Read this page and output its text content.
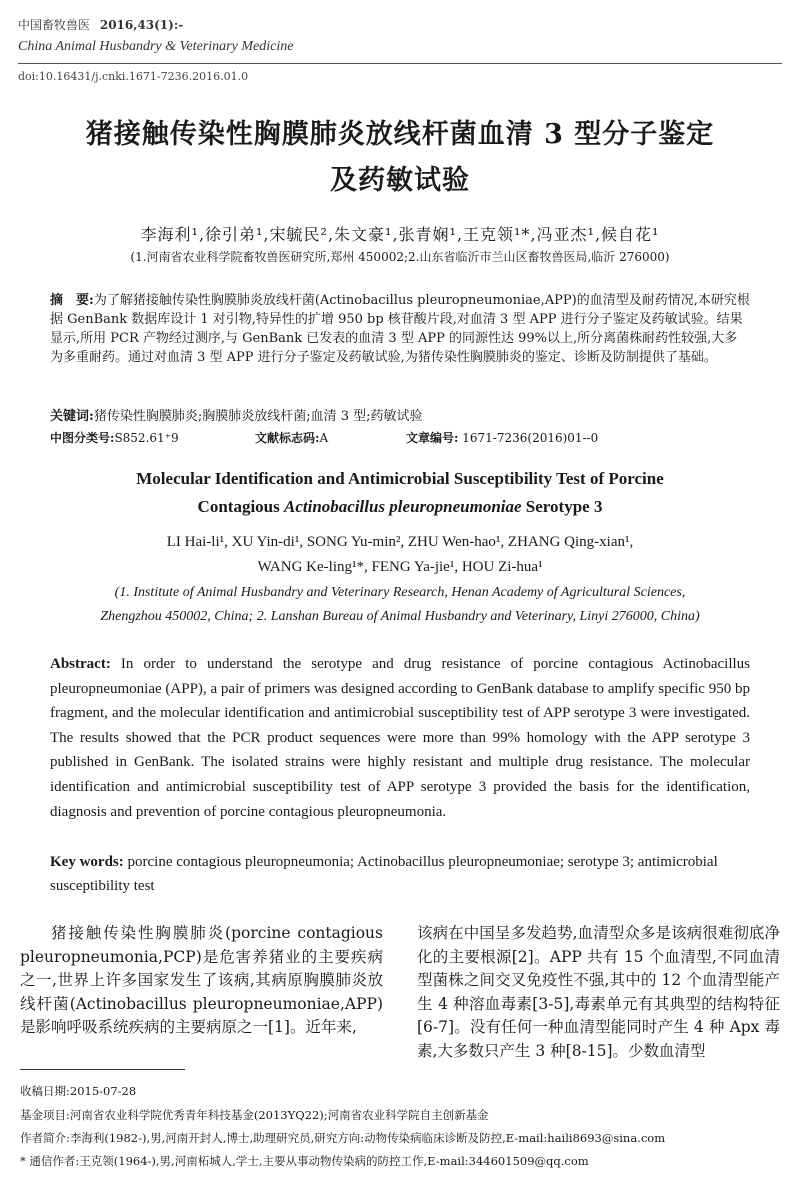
中国畜牧兽医 2016,43(1):-
China Animal Husbandry & Veterinary Medicine
doi:10.16431/j.cnki.1671-7236.2016.01.0
猪接触传染性胸膜肺炎放线杆菌血清 3 型分子鉴定
及药敏试验
李海利¹,徐引弟¹,宋毓民²,朱文豪¹,张青娴¹,王克领¹*,冯亚杰¹,候自花¹
(1.河南省农业科学院畜牧兽医研究所,郑州 450002;2.山东省临沂市兰山区畜牧兽医局,临沂 276000)
摘　要:为了解猪接触传染性胸膜肺炎放线杆菌(Actinobacillus pleuropneumoniae,APP)的血清型及耐药情况,本研究根据 GenBank 数据库设计 1 对引物,特异性的扩增 950 bp 核苷酸片段,对血清 3 型 APP 进行分子鉴定及药敏试验。结果显示,所用 PCR 产物经过测序,与 GenBank 已发表的血清 3 型 APP 的同源性达 99%以上,所分离菌株耐药性较强,大多为多重耐药。通过对血清 3 型 APP 进行分子鉴定及药敏试验,为猪传染性胸膜肺炎的鉴定、诊断及防制提供了基础。
关键词:猪传染性胸膜肺炎;胸膜肺炎放线杆菌;血清 3 型;药敏试验
中图分类号:S852.61⁺9	文献标志码:A	文章编号: 1671-7236(2016)01--0
Molecular Identification and Antimicrobial Susceptibility Test of Porcine
Contagious Actinobacillus pleuropneumoniae Serotype 3
LI Hai-li¹, XU Yin-di¹, SONG Yu-min², ZHU Wen-hao¹, ZHANG Qing-xian¹,
WANG Ke-ling¹*, FENG Ya-jie¹, HOU Zi-hua¹
(1. Institute of Animal Husbandry and Veterinary Research, Henan Academy of Agricultural Sciences,
Zhengzhou 450002, China; 2. Lanshan Bureau of Animal Husbandry and Veterinary, Linyi 276000, China)
Abstract: In order to understand the serotype and drug resistance of porcine contagious Actinobacillus pleuropneumoniae (APP), a pair of primers was designed according to GenBank database to amplify specific 950 bp fragment, and the molecular identification and antimicrobial susceptibility test of APP serotype 3 were investigated. The results showed that the PCR product sequences were more than 99% homology with the APP serotype 3 published in GenBank. The isolated strains were highly resistant and multiple drug resistance. The molecular identification and antimicrobial susceptibility test of APP serotype 3 provided the basis for the identification, diagnosis and prevention of porcine contagious pleuropneumonia.
Key words: porcine contagious pleuropneumonia; Actinobacillus pleuropneumoniae; serotype 3; antimicrobial susceptibility test

猪接触传染性胸膜肺炎(porcine contagious pleuropneumonia,PCP)是危害养猪业的主要疾病之一,世界上许多国家发生了该病,其病原胸膜肺炎放线杆菌(Actinobacillus pleuropneumoniae,APP)是影响呼吸系统疾病的主要病原之一[1]。近年来,

该病在中国呈多发趋势,血清型众多是该病很难彻底净化的主要根源[2]。APP 共有 15 个血清型,不同血清型菌株之间交叉免疫性不强,其中的 12 个血清型能产生 4 种溶血毒素[3-5],毒素单元有其典型的结构特征[6-7]。没有任何一种血清型能同时产生 4 种 Apx 毒素,大多数只产生 3 种[8-15]。少数血清型

收稿日期:2015-07-28
基金项目:河南省农业科学院优秀青年科技基金(2013YQ22);河南省农业科学院自主创新基金
作者简介:李海利(1982-),男,河南开封人,博士,助理研究员,研究方向:动物传染病临床诊断及防控,E-mail:haili8693@sina.com
* 通信作者:王克领(1964-),男,河南柘城人,学士,主要从事动物传染病的防控工作,E-mail:344601509@qq.com
